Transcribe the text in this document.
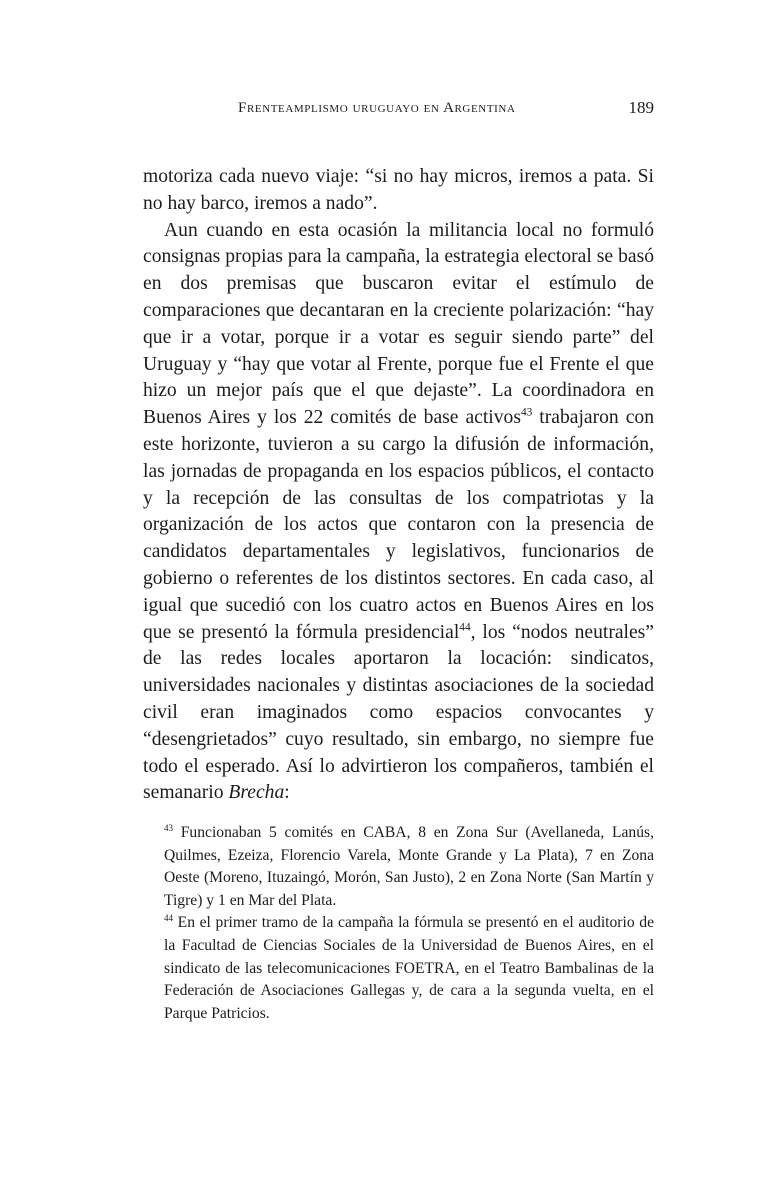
Frenteamplismo uruguayo en Argentina	189

motoriza cada nuevo viaje: “si no hay micros, iremos a pata. Si no hay barco, iremos a nado”.

Aun cuando en esta ocasión la militancia local no formuló consignas propias para la campaña, la estrategia electoral se basó en dos premisas que buscaron evitar el estímulo de comparaciones que decantaran en la creciente polarización: “hay que ir a votar, porque ir a votar es seguir siendo parte” del Uruguay y “hay que votar al Frente, porque fue el Frente el que hizo un mejor país que el que dejaste”. La coordinadora en Buenos Aires y los 22 comités de base activos$^{43}$ trabajaron con este horizonte, tuvieron a su cargo la difusión de información, las jornadas de propaganda en los espacios públicos, el contacto y la recepción de las consultas de los compatriotas y la organización de los actos que contaron con la presencia de candidatos departamentales y legislativos, funcionarios de gobierno o referentes de los distintos sectores. En cada caso, al igual que sucedió con los cuatro actos en Buenos Aires en los que se presentó la fórmula presidencial$^{44}$, los “nodos neutrales” de las redes locales aportaron la locación: sindicatos, universidades nacionales y distintas asociaciones de la sociedad civil eran imaginados como espacios convocantes y “desengrietados” cuyo resultado, sin embargo, no siempre fue todo el esperado. Así lo advirtieron los compañeros, también el semanario Brecha:

$^{43}$ Funcionaban 5 comités en CABA, 8 en Zona Sur (Avellaneda, Lanús, Quilmes, Ezeiza, Florencio Varela, Monte Grande y La Plata), 7 en Zona Oeste (Moreno, Ituzaingó, Morón, San Justo), 2 en Zona Norte (San Martín y Tigre) y 1 en Mar del Plata.

$^{44}$ En el primer tramo de la campaña la fórmula se presentó en el auditorio de la Facultad de Ciencias Sociales de la Universidad de Buenos Aires, en el sindicato de las telecomunicaciones FOETRA, en el Teatro Bambalinas de la Federación de Asociaciones Gallegas y, de cara a la segunda vuelta, en el Parque Patricios.
